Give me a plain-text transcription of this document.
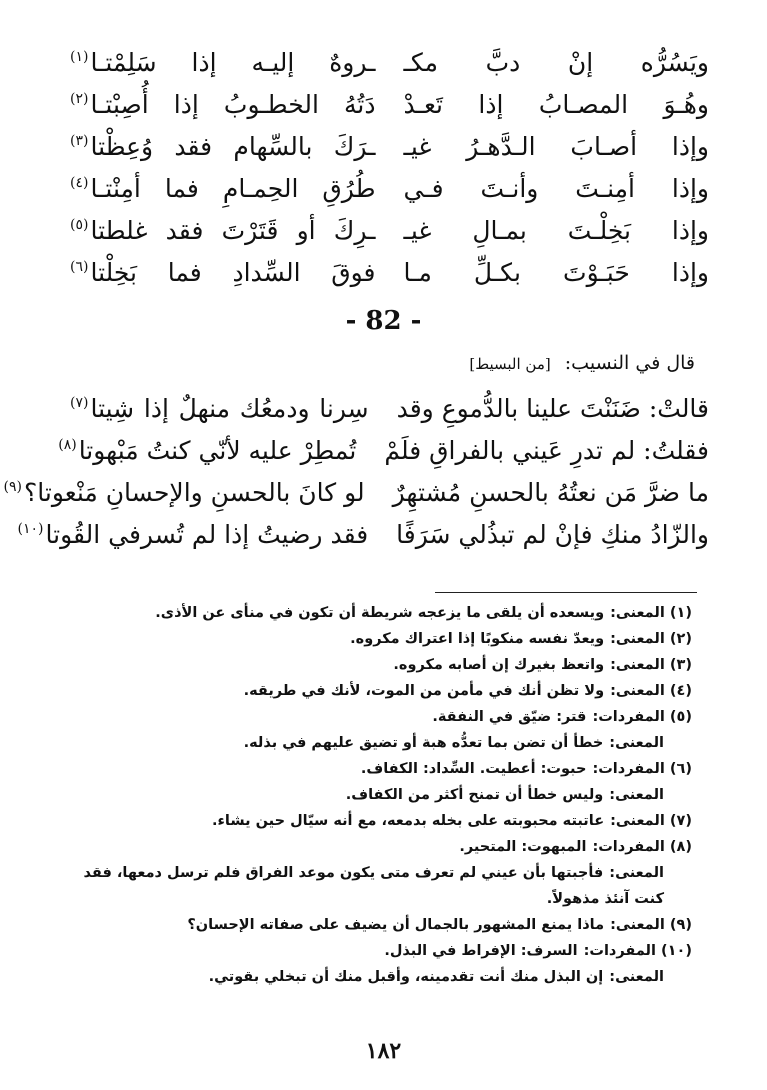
ويَسُرُّه إنْ دبَّ مكـ
ـروهٌ إليـه إذا سَلِمْتـا$^{(١)}$
وهُـوَ المصـابُ إذا تَعـدْ
دَتُهُ الخطـوبُ إذا أُصِبْتـا$^{(٢)}$
وإذا أصـابَ الـدَّهـرُ غيـ
ـرَكَ بالسِّهام فقد وُعِظْتا$^{(٣)}$
وإذا أمِنـتَ وأنـتَ فـي
طُرُقِ الحِمـامِ فما أمِنْتـا$^{(٤)}$
وإذا بَخِلْـتَ بمـالِ غيـ
ـرِكَ أو قَتَرْتَ فقد غلطتا$^{(٥)}$
وإذا حَبَـوْتَ بكـلِّ مـا
فوقَ السِّدادِ فما بَخِلْتا$^{(٦)}$
- 82 -
قال في النسيب: [من البسيط]
قالتْ: ضَنَنْتَ علينا بالدُّموعِ وقد
سِرنا ودمعُك منهلٌ إذا شِيتا$^{(٧)}$
فقلتُ: لم تدرِ عَيني بالفراقِ فلَمْ
تُمطِرْ عليه لأنّي كنتُ مَبْهوتا$^{(٨)}$
ما ضرَّ مَن نعتُهُ بالحسنِ مُشتهِرٌ
لو كانَ بالحسنِ والإحسانِ مَنْعوتا؟$^{(٩)}$
والزّادُ منكِ فإنْ لم تبذُلي سَرَفًا
فقد رضيتُ إذا لم تُسرفي القُوتا$^{(١٠)}$
(١) المعنى:ويسعده أن يلقى ما يزعجه شريطة أن تكون في منأى عن الأذى.
(٢) المعنى:ويعدّ نفسه منكوبًا إذا اعتراك مكروه.
(٣) المعنى:واتعظ بغيرك إن أصابه مكروه.
(٤) المعنى:ولا تظن أنك في مأمن من الموت، لأنك في طريقه.
(٥) المفردات:قتر: ضيّق في النفقة.
المعنى:خطأ أن تضن بما تعدُّه هبة أو تضيق عليهم في بذله.
(٦) المفردات:حبوت: أعطيت. السِّداد: الكفاف.
المعنى:وليس خطأ أن تمنح أكثر من الكفاف.
(٧) المعنى:عاتبته محبوبته على بخله بدمعه، مع أنه سيّال حين يشاء.
(٨) المفردات:المبهوت: المتحير.
المعنى:فأجبتها بأن عيني لم تعرف متى يكون موعد الفراق فلم ترسل دمعها، فقد كنت آنئذ مذهولاً.
(٩) المعنى:ماذا يمنع المشهور بالجمال أن يضيف على صفاته الإحسان؟
(١٠) المفردات:السرف: الإفراط في البذل.
المعنى:إن البذل منك أنت تقدمينه، وأقبل منك أن تبخلي بقوتي.
١٨٢
